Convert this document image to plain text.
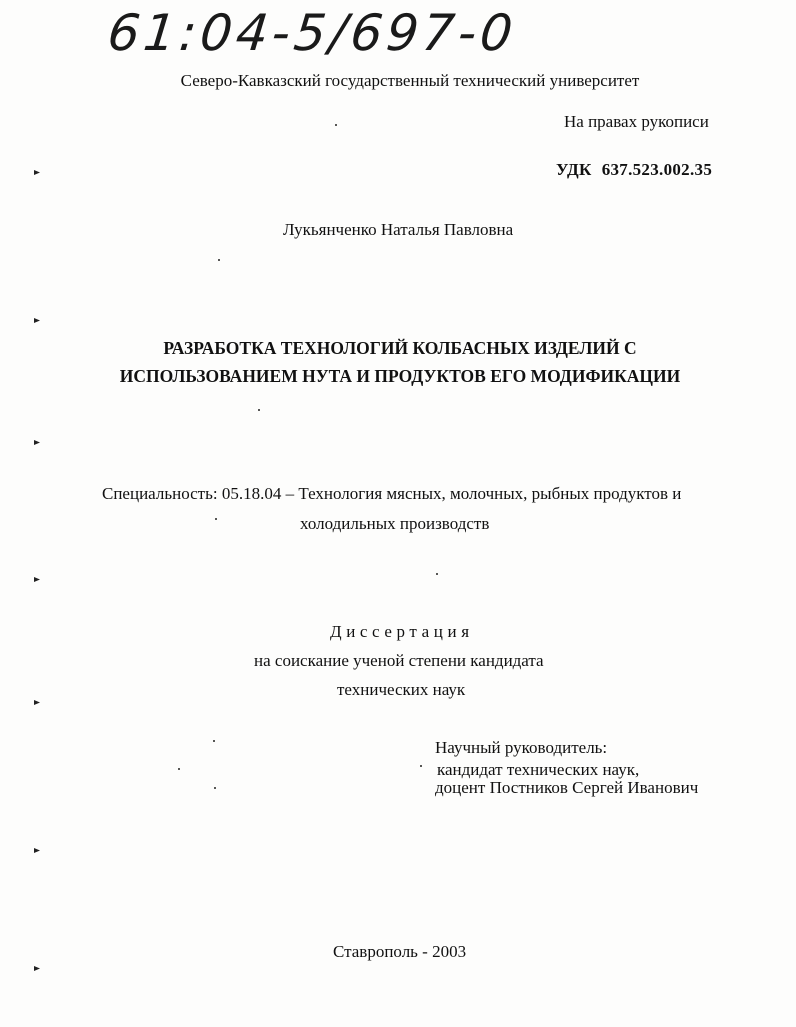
61:04-5/697-0
Северо-Кавказский государственный технический университет
На правах рукописи
УДК 637.523.002.35
Лукьянченко Наталья Павловна
РАЗРАБОТКА ТЕХНОЛОГИЙ КОЛБАСНЫХ ИЗДЕЛИЙ С
ИСПОЛЬЗОВАНИЕМ НУТА И ПРОДУКТОВ ЕГО МОДИФИКАЦИИ
Специальность: 05.18.04 – Технология мясных, молочных, рыбных продуктов и
холодильных производств
Диссертация
на соискание ученой степени кандидата
технических наук
Научный руководитель:
кандидат технических наук,
доцент Постников Сергей Иванович
Ставрополь - 2003
